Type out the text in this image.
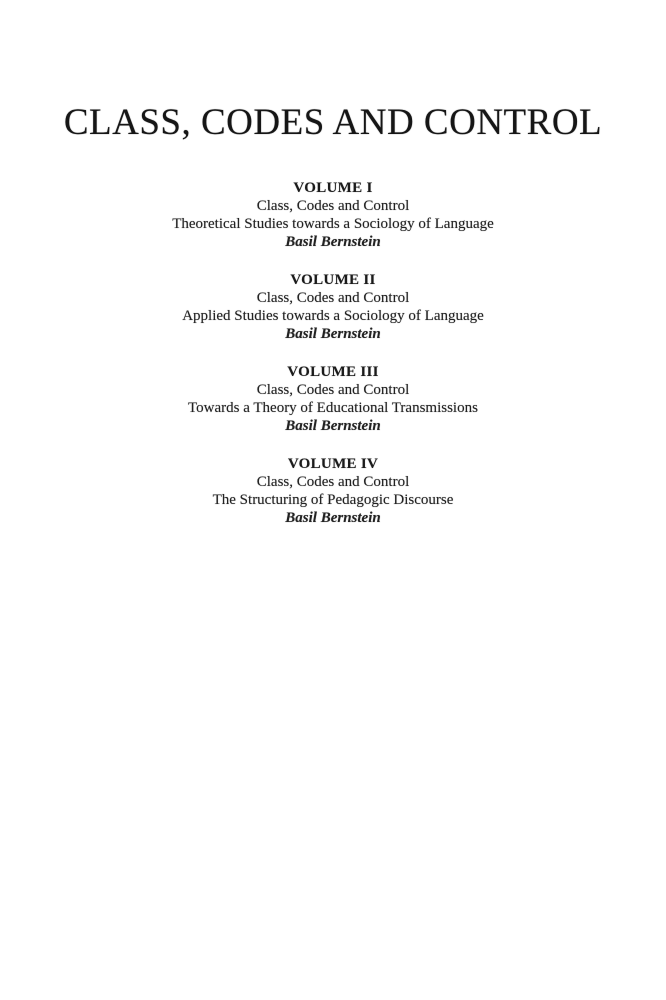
CLASS, CODES AND CONTROL
VOLUME I
Class, Codes and Control
Theoretical Studies towards a Sociology of Language
Basil Bernstein
VOLUME II
Class, Codes and Control
Applied Studies towards a Sociology of Language
Basil Bernstein
VOLUME III
Class, Codes and Control
Towards a Theory of Educational Transmissions
Basil Bernstein
VOLUME IV
Class, Codes and Control
The Structuring of Pedagogic Discourse
Basil Bernstein
